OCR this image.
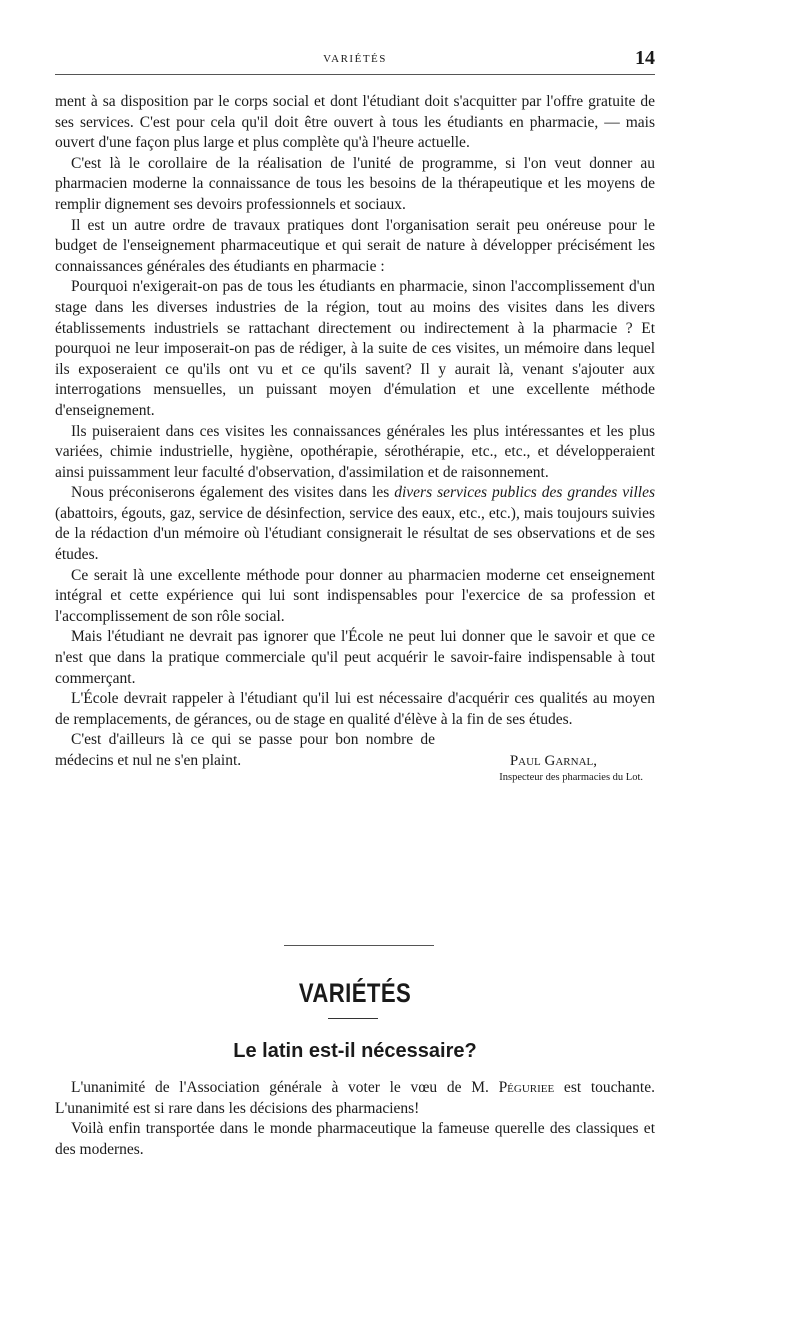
VARIÉTÉS	14

ment à sa disposition par le corps social et dont l'étudiant doit s'acquitter par l'offre gratuite de ses services. C'est pour cela qu'il doit être ouvert à tous les étudiants en pharmacie, — mais ouvert d'une façon plus large et plus complète qu'à l'heure actuelle.

C'est là le corollaire de la réalisation de l'unité de programme, si l'on veut donner au pharmacien moderne la connaissance de tous les besoins de la thérapeutique et les moyens de remplir dignement ses devoirs professionnels et sociaux.

Il est un autre ordre de travaux pratiques dont l'organisation serait peu onéreuse pour le budget de l'enseignement pharmaceutique et qui serait de nature à développer précisément les connaissances générales des étudiants en pharmacie :

Pourquoi n'exigerait-on pas de tous les étudiants en pharmacie, sinon l'accomplissement d'un stage dans les diverses industries de la région, tout au moins des visites dans les divers établissements industriels se rattachant directement ou indirectement à la pharmacie ? Et pourquoi ne leur imposerait-on pas de rédiger, à la suite de ces visites, un mémoire dans lequel ils exposeraient ce qu'ils ont vu et ce qu'ils savent? Il y aurait là, venant s'ajouter aux interrogations mensuelles, un puissant moyen d'émulation et une excellente méthode d'enseignement.

Ils puiseraient dans ces visites les connaissances générales les plus intéressantes et les plus variées, chimie industrielle, hygiène, opothérapie, sérothérapie, etc., etc., et développeraient ainsi puissamment leur faculté d'observation, d'assimilation et de raisonnement.

Nous préconiserons également des visites dans les divers services publics des grandes villes (abattoirs, égouts, gaz, service de désinfection, service des eaux, etc., etc.), mais toujours suivies de la rédaction d'un mémoire où l'étudiant consignerait le résultat de ses observations et de ses études.

Ce serait là une excellente méthode pour donner au pharmacien moderne cet enseignement intégral et cette expérience qui lui sont indispensables pour l'exercice de sa profession et l'accomplissement de son rôle social.

Mais l'étudiant ne devrait pas ignorer que l'École ne peut lui donner que le savoir et que ce n'est que dans la pratique commerciale qu'il peut acquérir le savoir-faire indispensable à tout commerçant.

L'École devrait rappeler à l'étudiant qu'il lui est nécessaire d'acquérir ces qualités au moyen de remplacements, de gérances, ou de stage en qualité d'élève à la fin de ses études.

C'est d'ailleurs là ce qui se passe pour bon nombre de médecins et nul ne s'en plaint.	Paul Garnal,
Inspecteur des pharmacies du Lot.
VARIÉTÉS
Le latin est-il nécessaire?

L'unanimité de l'Association générale à voter le vœu de M. Péguriee est touchante. L'unanimité est si rare dans les décisions des pharmaciens!

Voilà enfin transportée dans le monde pharmaceutique la fameuse querelle des classiques et des modernes.
